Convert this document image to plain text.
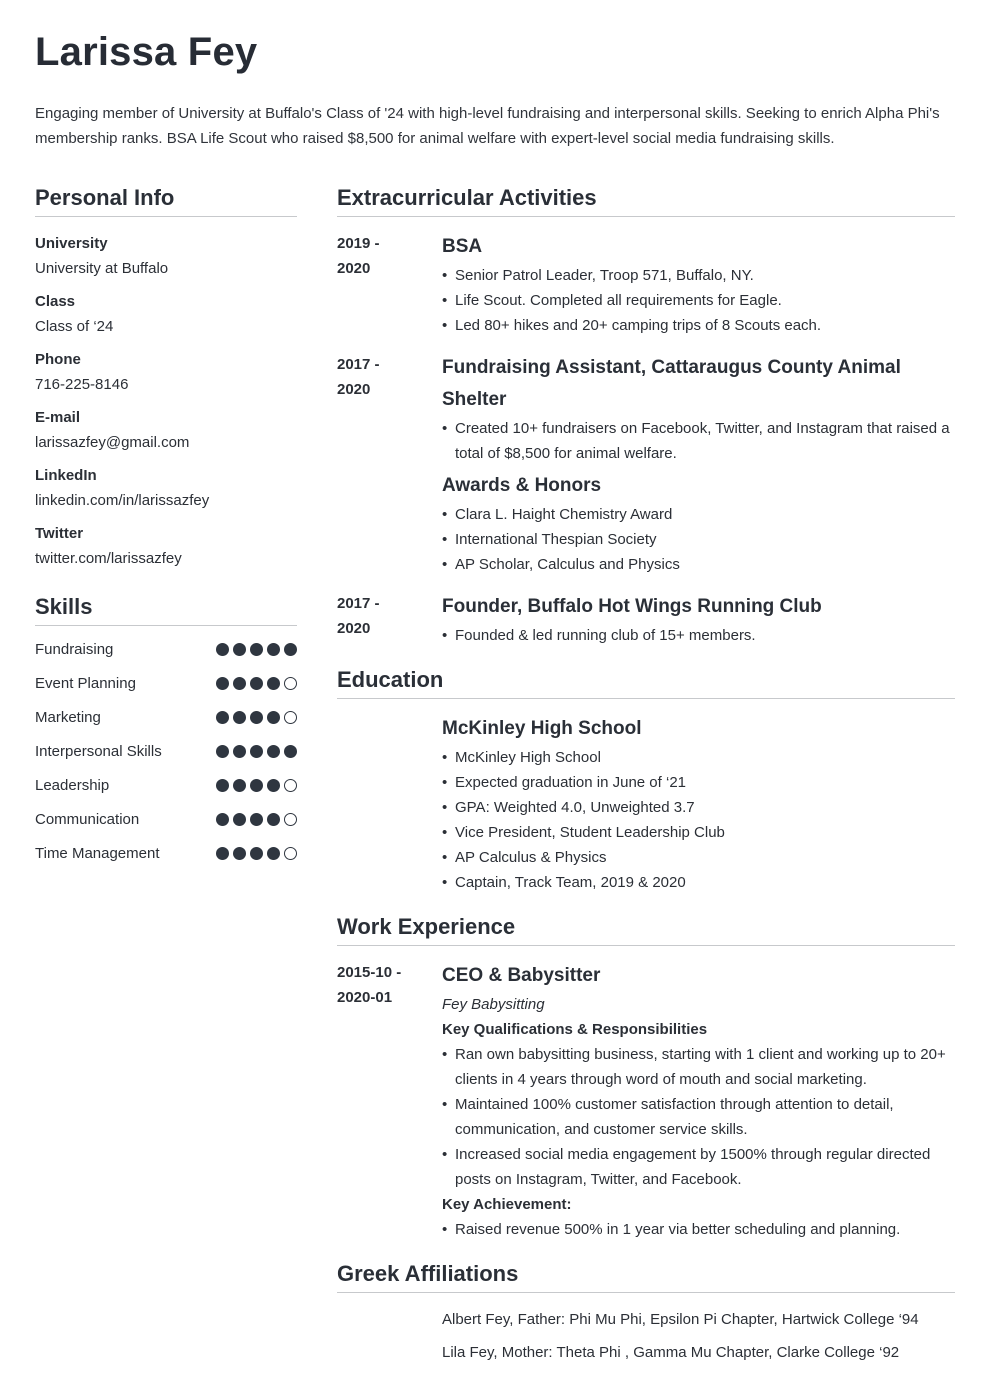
Larissa Fey
Engaging member of University at Buffalo's Class of '24 with high-level fundraising and interpersonal skills. Seeking to enrich Alpha Phi's membership ranks. BSA Life Scout who raised $8,500 for animal welfare with expert-level social media fundraising skills.
Personal Info
University
University at Buffalo
Class
Class of ‘24
Phone
716-225-8146
E-mail
larissazfey@gmail.com
LinkedIn
linkedin.com/in/larissazfey
Twitter
twitter.com/larissazfey
Skills
Fundraising
Event Planning
Marketing
Interpersonal Skills
Leadership
Communication
Time Management
Extracurricular Activities
2019 -
2020
BSA
• Senior Patrol Leader, Troop 571, Buffalo, NY.
• Life Scout. Completed all requirements for Eagle.
• Led 80+ hikes and 20+ camping trips of 8 Scouts each.
2017 -
2020
Fundraising Assistant, Cattaraugus County Animal Shelter
• Created 10+ fundraisers on Facebook, Twitter, and Instagram that raised a total of $8,500 for animal welfare.
Awards & Honors
• Clara L. Haight Chemistry Award
• International Thespian Society
• AP Scholar, Calculus and Physics
2017 -
2020
Founder, Buffalo Hot Wings Running Club
• Founded & led running club of 15+ members.
Education
McKinley High School
• McKinley High School
• Expected graduation in June of ‘21
• GPA: Weighted 4.0, Unweighted 3.7
• Vice President, Student Leadership Club
• AP Calculus & Physics
• Captain, Track Team, 2019 & 2020
Work Experience
2015-10 -
2020-01
CEO & Babysitter
Fey Babysitting
Key Qualifications & Responsibilities
• Ran own babysitting business, starting with 1 client and working up to 20+ clients in 4 years through word of mouth and social marketing.
• Maintained 100% customer satisfaction through attention to detail, communication, and customer service skills.
• Increased social media engagement by 1500% through regular directed posts on Instagram, Twitter, and Facebook.
Key Achievement:
• Raised revenue 500% in 1 year via better scheduling and planning.
Greek Affiliations
Albert Fey, Father: Phi Mu Phi, Epsilon Pi Chapter, Hartwick College ‘94
Lila Fey, Mother: Theta Phi , Gamma Mu Chapter, Clarke College ‘92
